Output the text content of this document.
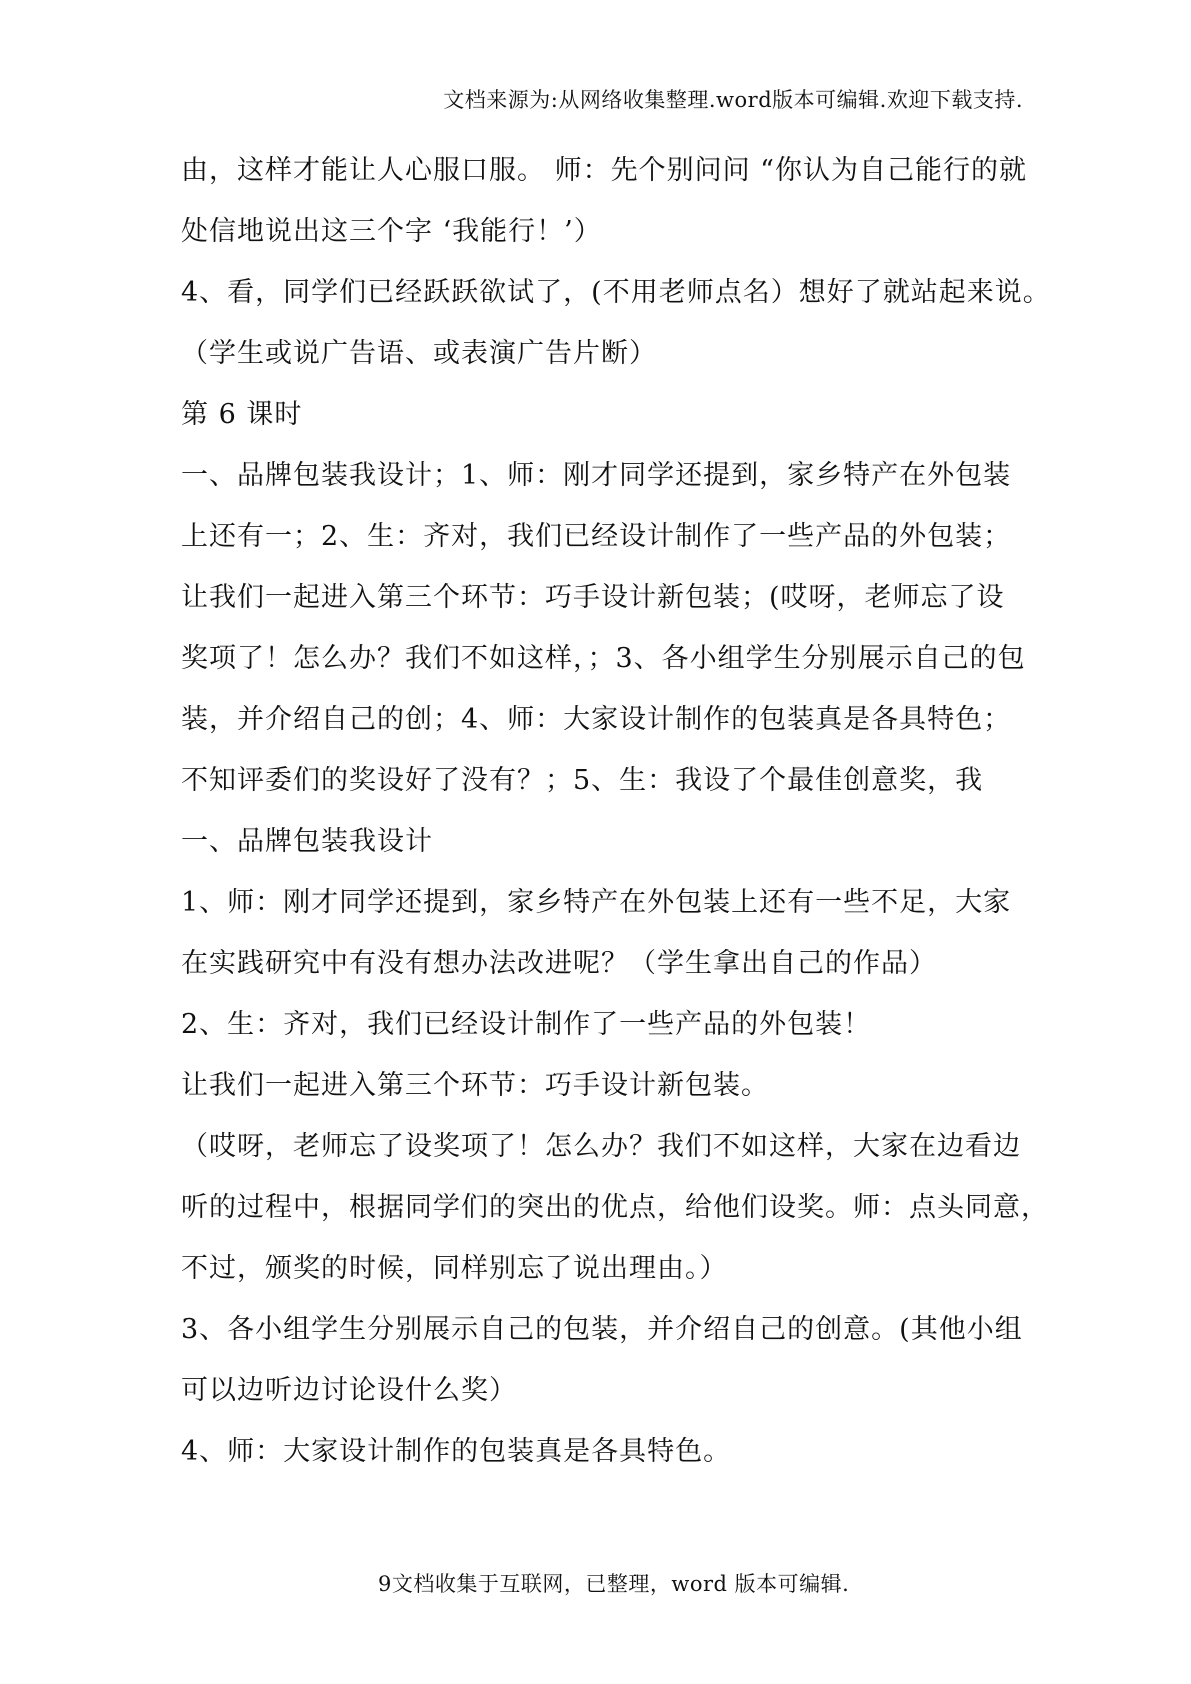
文档来源为:从网络收集整理.word版本可编辑.欢迎下载支持.
由，这样才能让人心服口服。 师：先个别问问 “你认为自己能行的就
处信地说出这三个字 ‘我能行！’）
4、看，同学们已经跃跃欲试了，(不用老师点名）想好了就站起来说。
（学生或说广告语、或表演广告片断）
第 6 课时
一、品牌包装我设计；1、师：刚才同学还提到，家乡特产在外包装
上还有一；2、生：齐对，我们已经设计制作了一些产品的外包装；
让我们一起进入第三个环节：巧手设计新包装；(哎呀，老师忘了设
奖项了！怎么办？我们不如这样，；3、各小组学生分别展示自己的包
装，并介绍自己的创；4、师：大家设计制作的包装真是各具特色；
不知评委们的奖设好了没有？；5、生：我设了个最佳创意奖，我
一、品牌包装我设计
1、师：刚才同学还提到，家乡特产在外包装上还有一些不足，大家
在实践研究中有没有想办法改进呢？（学生拿出自己的作品）
2、生：齐对，我们已经设计制作了一些产品的外包装！
让我们一起进入第三个环节：巧手设计新包装。
（哎呀，老师忘了设奖项了！怎么办？我们不如这样，大家在边看边
听的过程中，根据同学们的突出的优点，给他们设奖。师：点头同意，
不过，颁奖的时候，同样别忘了说出理由。）
3、各小组学生分别展示自己的包装，并介绍自己的创意。(其他小组
可以边听边讨论设什么奖）
4、师：大家设计制作的包装真是各具特色。
9文档收集于互联网，已整理，word 版本可编辑.
